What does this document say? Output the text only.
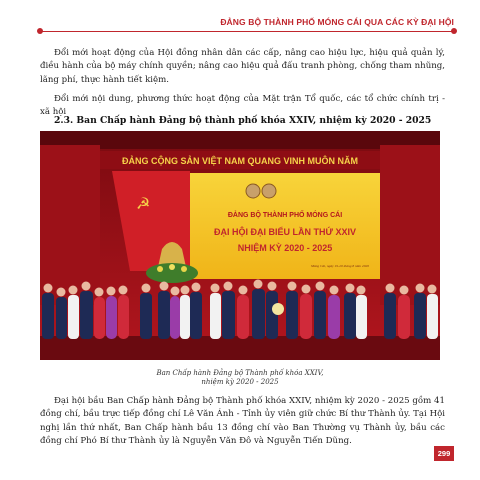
ĐẢNG BỘ THÀNH PHỐ MÓNG CÁI QUA CÁC KỲ ĐẠI HỘI

Đổi mới hoạt động của Hội đồng nhân dân các cấp, nâng cao hiệu lực, hiệu quả quản lý, điều hành của bộ máy chính quyền; nâng cao hiệu quả đấu tranh phòng, chống tham nhũng, lãng phí, thực hành tiết kiệm.

Đổi mới nội dung, phương thức hoạt động của Mặt trận Tổ quốc, các tổ chức chính trị - xã hội

2.3. Ban Chấp hành Đảng bộ thành phố khóa XXIV, nhiệm kỳ 2020 - 2025
ĐẢNG CỘNG SẢN VIỆT NAM QUANG VINH MUÔN NĂM
☭
ĐẢNG BỘ THÀNH PHỐ MÓNG CÁI
ĐẠI HỘI ĐẠI BIỂU LẦN THỨ XXIV
NHIỆM KỲ 2020 - 2025
Móng Cái, ngày 19-20 tháng 8 năm 2020
Ban Chấp hành Đảng bộ Thành phố khóa XXIV,
nhiệm kỳ 2020 - 2025

Đại hội bầu Ban Chấp hành Đảng bộ Thành phố khóa XXIV, nhiệm kỳ 2020 - 2025 gồm 41 đồng chí, bầu trực tiếp đồng chí Lê Văn Ánh - Tỉnh ủy viên giữ chức Bí thư Thành ủy. Tại Hội nghị lần thứ nhất, Ban Chấp hành bầu 13 đồng chí vào Ban Thường vụ Thành ủy, bầu các đồng chí Phó Bí thư Thành ủy là Nguyễn Văn Đô và Nguyễn Tiến Dũng.

299
